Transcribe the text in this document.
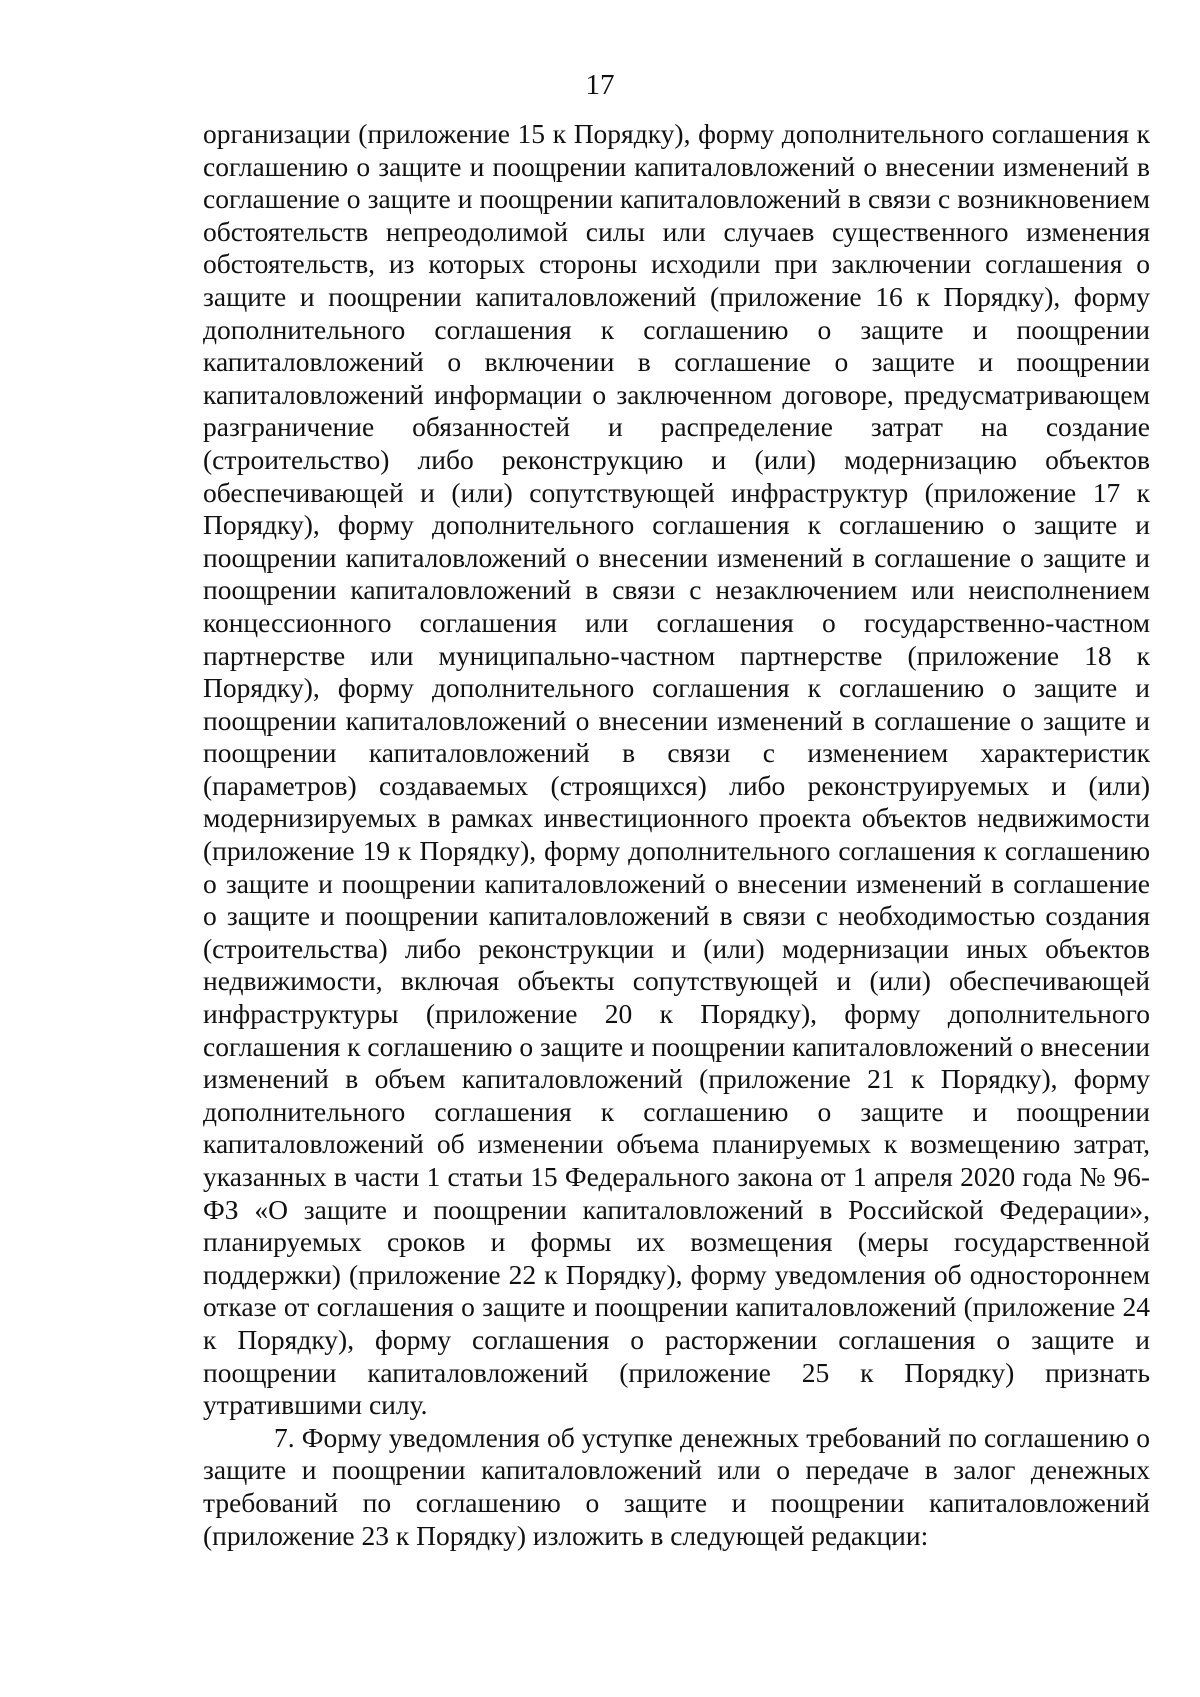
17

организации (приложение 15 к Порядку), форму дополнительного соглашения к соглашению о защите и поощрении капиталовложений о внесении изменений в соглашение о защите и поощрении капиталовложений в связи с возникновением обстоятельств непреодолимой силы или случаев существенного изменения обстоятельств, из которых стороны исходили при заключении соглашения о защите и поощрении капиталовложений (приложение 16 к Порядку), форму дополнительного соглашения к соглашению о защите и поощрении капиталовложений о включении в соглашение о защите и поощрении капиталовложений информации о заключенном договоре, предусматривающем разграничение обязанностей и распределение затрат на создание (строительство) либо реконструкцию и (или) модернизацию объектов обеспечивающей и (или) сопутствующей инфраструктур (приложение 17 к Порядку), форму дополнительного соглашения к соглашению о защите и поощрении капиталовложений о внесении изменений в соглашение о защите и поощрении капиталовложений в связи с незаключением или неисполнением концессионного соглашения или соглашения о государственно-частном партнерстве или муниципально-частном партнерстве (приложение 18 к Порядку), форму дополнительного соглашения к соглашению о защите и поощрении капиталовложений о внесении изменений в соглашение о защите и поощрении капиталовложений в связи с изменением характеристик (параметров) создаваемых (строящихся) либо реконструируемых и (или) модернизируемых в рамках инвестиционного проекта объектов недвижимости (приложение 19 к Порядку), форму дополнительного соглашения к соглашению о защите и поощрении капиталовложений о внесении изменений в соглашение о защите и поощрении капиталовложений в связи с необходимостью создания (строительства) либо реконструкции и (или) модернизации иных объектов недвижимости, включая объекты сопутствующей и (или) обеспечивающей инфраструктуры (приложение 20 к Порядку), форму дополнительного соглашения к соглашению о защите и поощрении капиталовложений о внесении изменений в объем капиталовложений (приложение 21 к Порядку), форму дополнительного соглашения к соглашению о защите и поощрении капиталовложений об изменении объема планируемых к возмещению затрат, указанных в части 1 статьи 15 Федерального закона от 1 апреля 2020 года № 96-ФЗ «О защите и поощрении капиталовложений в Российской Федерации», планируемых сроков и формы их возмещения (меры государственной поддержки) (приложение 22 к Порядку), форму уведомления об одностороннем отказе от соглашения о защите и поощрении капиталовложений (приложение 24 к Порядку), форму соглашения о расторжении соглашения о защите и поощрении капиталовложений (приложение 25 к Порядку) признать утратившими силу.

7. Форму уведомления об уступке денежных требований по соглашению о защите и поощрении капиталовложений или о передаче в залог денежных требований по соглашению о защите и поощрении капиталовложений (приложение 23 к Порядку) изложить в следующей редакции:
